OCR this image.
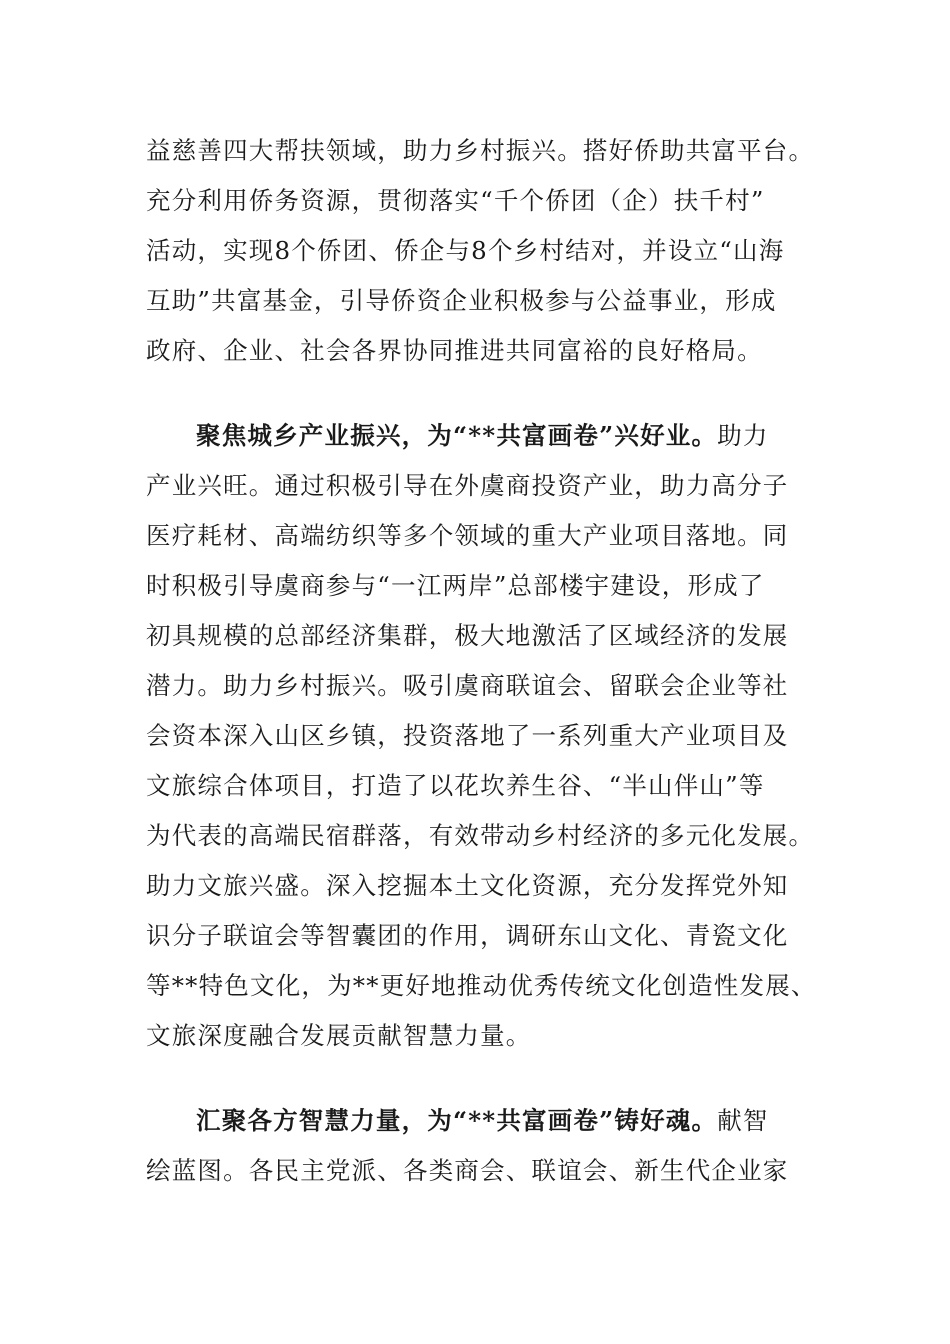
益慈善四大帮扶领域，助力乡村振兴。搭好侨助共富平台。
充分利用侨务资源，贯彻落实“千个侨团（企）扶千村”
活动，实现8个侨团、侨企与8个乡村结对，并设立“山海
互助”共富基金，引导侨资企业积极参与公益事业，形成
政府、企业、社会各界协同推进共同富裕的良好格局。
聚焦城乡产业振兴，为“**共富画卷”兴好业。助力
产业兴旺。通过积极引导在外虞商投资产业，助力高分子
医疗耗材、高端纺织等多个领域的重大产业项目落地。同
时积极引导虞商参与“一江两岸”总部楼宇建设，形成了
初具规模的总部经济集群，极大地激活了区域经济的发展
潜力。助力乡村振兴。吸引虞商联谊会、留联会企业等社
会资本深入山区乡镇，投资落地了一系列重大产业项目及
文旅综合体项目，打造了以花坎养生谷、“半山伴山”等
为代表的高端民宿群落，有效带动乡村经济的多元化发展。
助力文旅兴盛。深入挖掘本土文化资源，充分发挥党外知
识分子联谊会等智囊团的作用，调研东山文化、青瓷文化
等**特色文化，为**更好地推动优秀传统文化创造性发展、
文旅深度融合发展贡献智慧力量。
汇聚各方智慧力量，为“**共富画卷”铸好魂。献智
绘蓝图。各民主党派、各类商会、联谊会、新生代企业家
